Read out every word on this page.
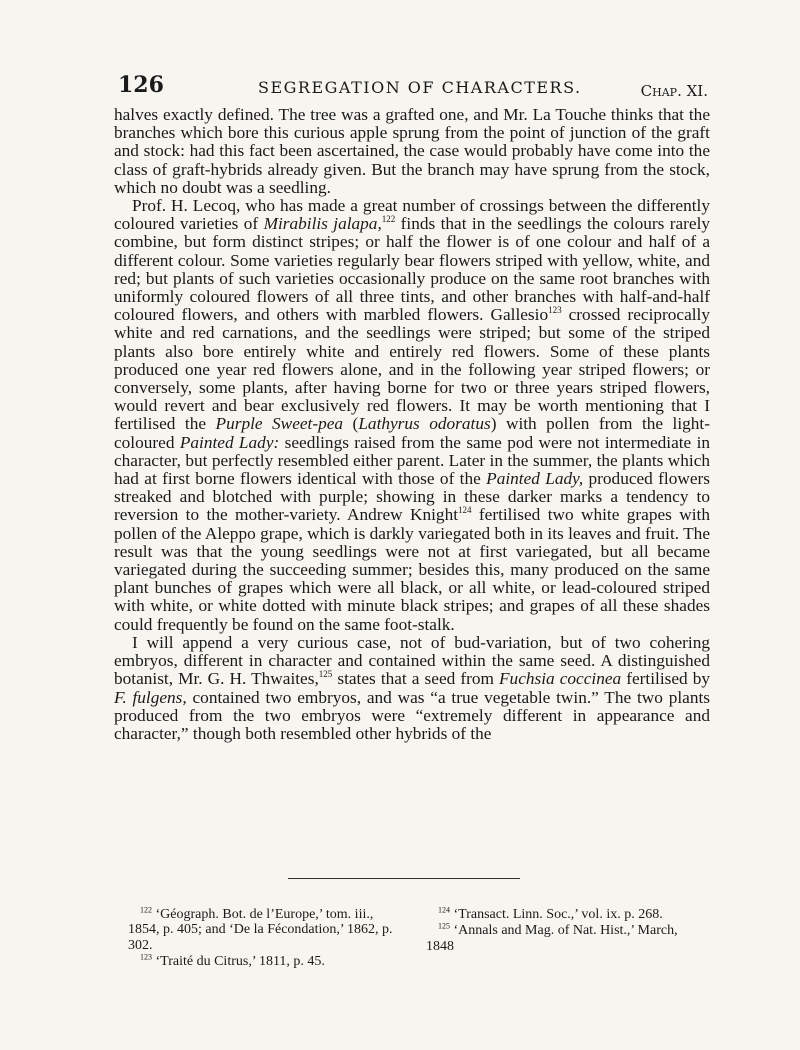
126	SEGREGATION OF CHARACTERS.	Chap. XI.

halves exactly defined. The tree was a grafted one, and Mr. La Touche thinks that the branches which bore this curious apple sprung from the point of junction of the graft and stock: had this fact been ascertained, the case would probably have come into the class of graft-hybrids already given. But the branch may have sprung from the stock, which no doubt was a seedling.

Prof. H. Lecoq, who has made a great number of crossings between the differently coloured varieties of Mirabilis jalapa,$^{122}$ finds that in the seedlings the colours rarely combine, but form distinct stripes; or half the flower is of one colour and half of a different colour. Some varieties regularly bear flowers striped with yellow, white, and red; but plants of such varieties occasionally produce on the same root branches with uniformly coloured flowers of all three tints, and other branches with half-and-half coloured flowers, and others with marbled flowers. Gallesio$^{123}$ crossed reciprocally white and red carnations, and the seedlings were striped; but some of the striped plants also bore entirely white and entirely red flowers. Some of these plants produced one year red flowers alone, and in the following year striped flowers; or conversely, some plants, after having borne for two or three years striped flowers, would revert and bear exclusively red flowers. It may be worth mentioning that I fertilised the Purple Sweet-pea (Lathyrus odoratus) with pollen from the light-coloured Painted Lady: seedlings raised from the same pod were not intermediate in character, but perfectly resembled either parent. Later in the summer, the plants which had at first borne flowers identical with those of the Painted Lady, produced flowers streaked and blotched with purple; showing in these darker marks a tendency to reversion to the mother-variety. Andrew Knight$^{124}$ fertilised two white grapes with pollen of the Aleppo grape, which is darkly variegated both in its leaves and fruit. The result was that the young seedlings were not at first variegated, but all became variegated during the succeeding summer; besides this, many produced on the same plant bunches of grapes which were all black, or all white, or lead-coloured striped with white, or white dotted with minute black stripes; and grapes of all these shades could frequently be found on the same foot-stalk.

I will append a very curious case, not of bud-variation, but of two cohering embryos, different in character and contained within the same seed. A distinguished botanist, Mr. G. H. Thwaites,$^{125}$ states that a seed from Fuchsia coccinea fertilised by F. fulgens, contained two embryos, and was “a true vegetable twin.” The two plants produced from the two embryos were “extremely different in appearance and character,” though both resembled other hybrids of the

$^{122}$ ‘Géograph. Bot. de l’Europe,’ tom. iii., 1854, p. 405; and ‘De la Fécondation,’ 1862, p. 302.

$^{123}$ ‘Traité du Citrus,’ 1811, p. 45.

$^{124}$ ‘Transact. Linn. Soc.,’ vol. ix. p. 268.

$^{125}$ ‘Annals and Mag. of Nat. Hist.,’ March, 1848
